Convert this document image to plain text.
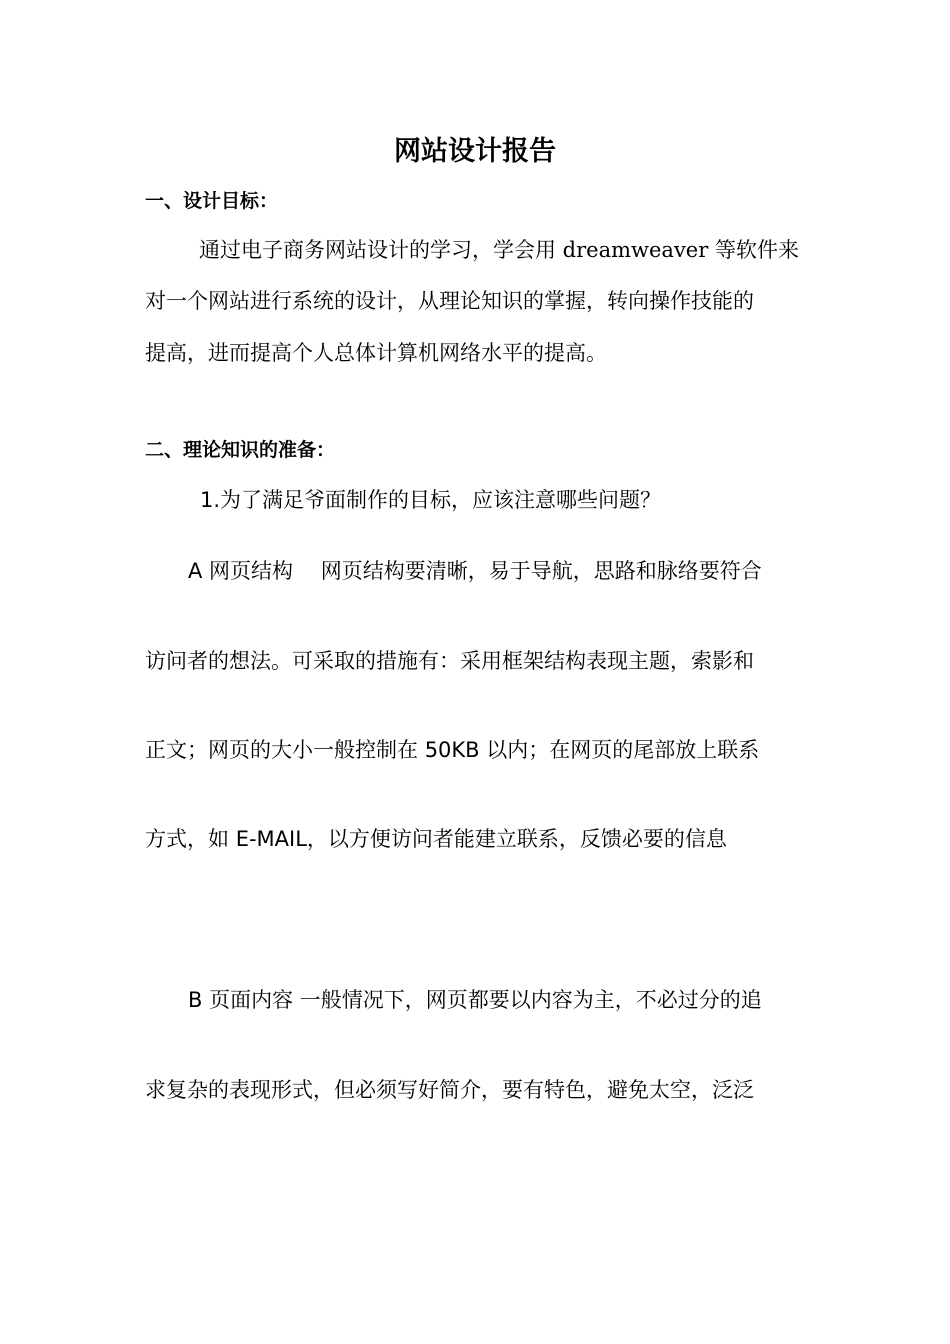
网站设计报告
一、设计目标：
通过电子商务网站设计的学习，学会用 dreamweaver 等软件来
对一个网站进行系统的设计，从理论知识的掌握，转向操作技能的
提高，进而提高个人总体计算机网络水平的提高。
二、理论知识的准备：
1.为了满足爷面制作的目标，应该注意哪些问题？
A 网页结构　 网页结构要清晰，易于导航，思路和脉络要符合
访问者的想法。可采取的措施有：采用框架结构表现主题，索影和
正文；网页的大小一般控制在 50KB 以内；在网页的尾部放上联系
方式，如 E-MAIL，以方便访问者能建立联系，反馈必要的信息
B 页面内容 一般情况下，网页都要以内容为主，不必过分的追
求复杂的表现形式，但必须写好简介，要有特色，避免太空，泛泛
